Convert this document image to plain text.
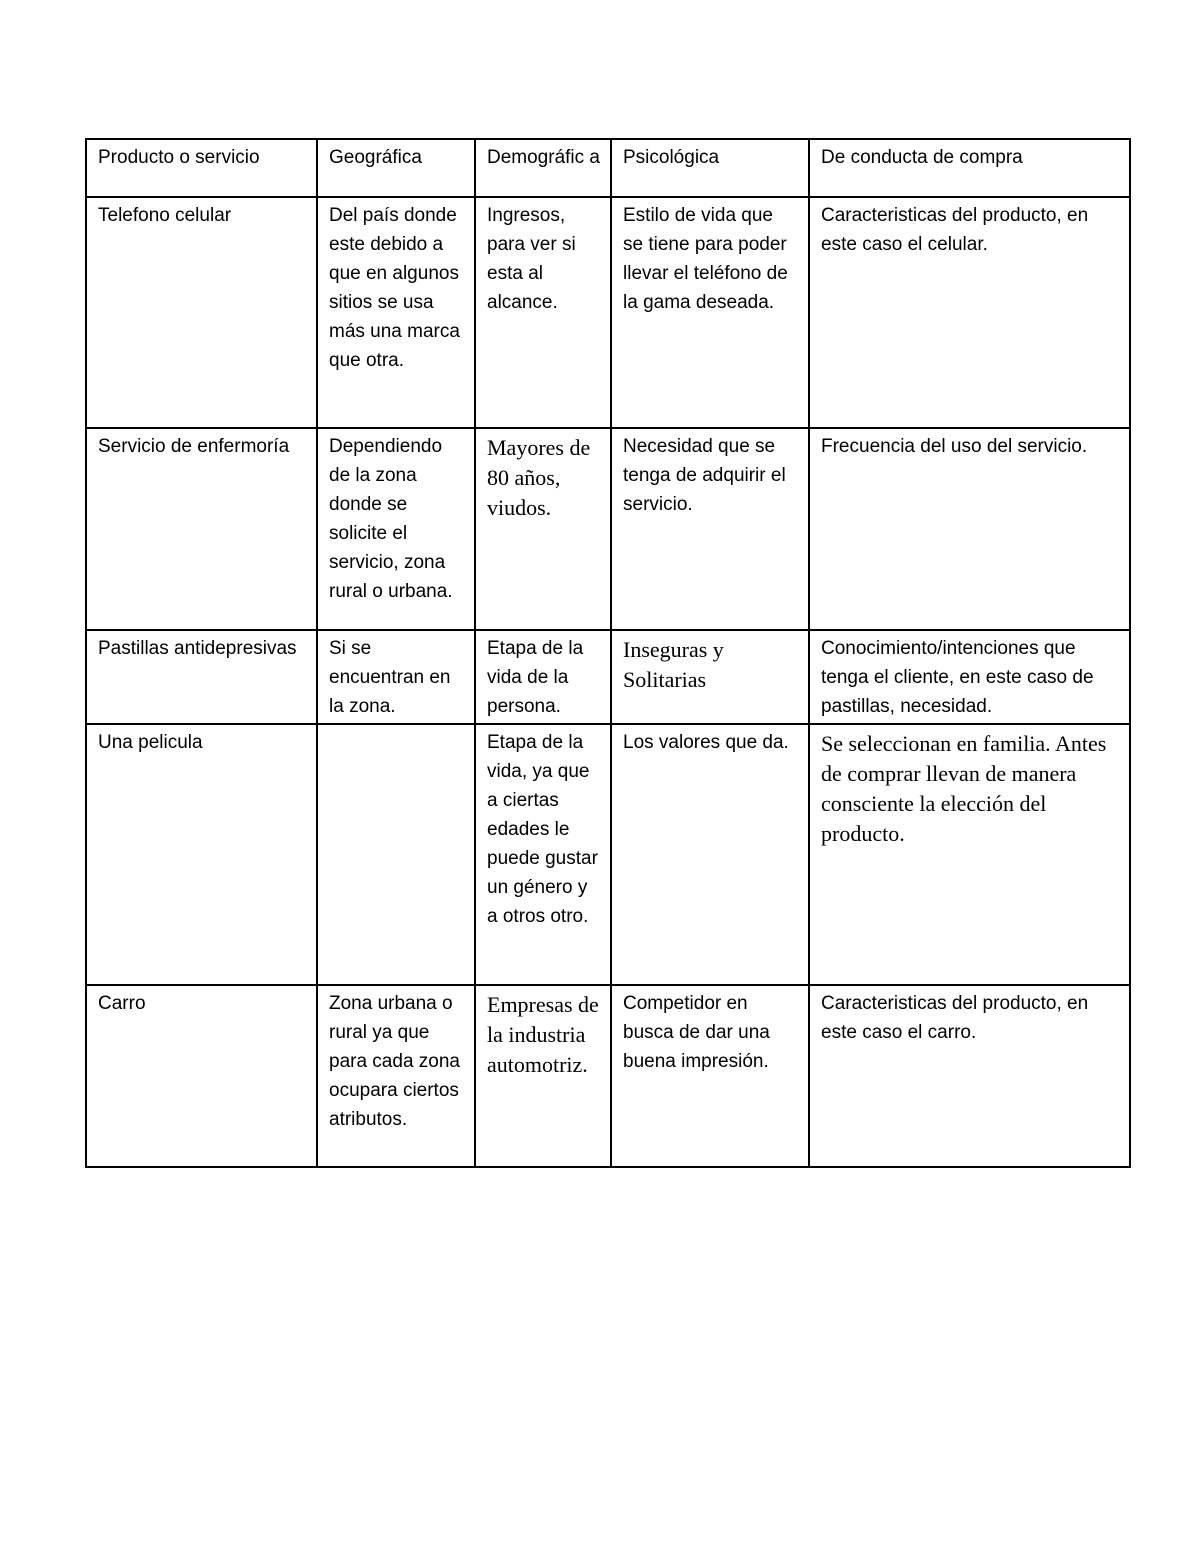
Producto o servicio	Geográfica	Demográfic a	Psicológica	De conducta de compra
Telefono celular	Del país donde este debido a que en algunos sitios se usa más una marca que otra.	Ingresos, para ver si esta al alcance.	Estilo de vida que se tiene para poder llevar el teléfono de la gama deseada.	Caracteristicas del producto, en este caso el celular.
Servicio de enfermoría	Dependiendo de la zona donde se solicite el servicio, zona rural o urbana.	Mayores de 80 años, viudos.	Necesidad que se tenga de adquirir el servicio.	Frecuencia del uso del servicio.
Pastillas antidepresivas	Si se encuentran en la zona.	Etapa de la vida de la persona.	Inseguras y Solitarias	Conocimiento/intenciones que tenga el cliente, en este caso de pastillas, necesidad.
Una pelicula		Etapa de la vida, ya que a ciertas edades le puede gustar un género y a otros otro.	Los valores que da.	Se seleccionan en familia. Antes de comprar llevan de manera consciente la elección del producto.
Carro	Zona urbana o rural ya que para cada zona ocupara ciertos atributos.	Empresas de la industria automotriz.	Competidor en busca de dar una buena impresión.	Caracteristicas del producto, en este caso el carro.
